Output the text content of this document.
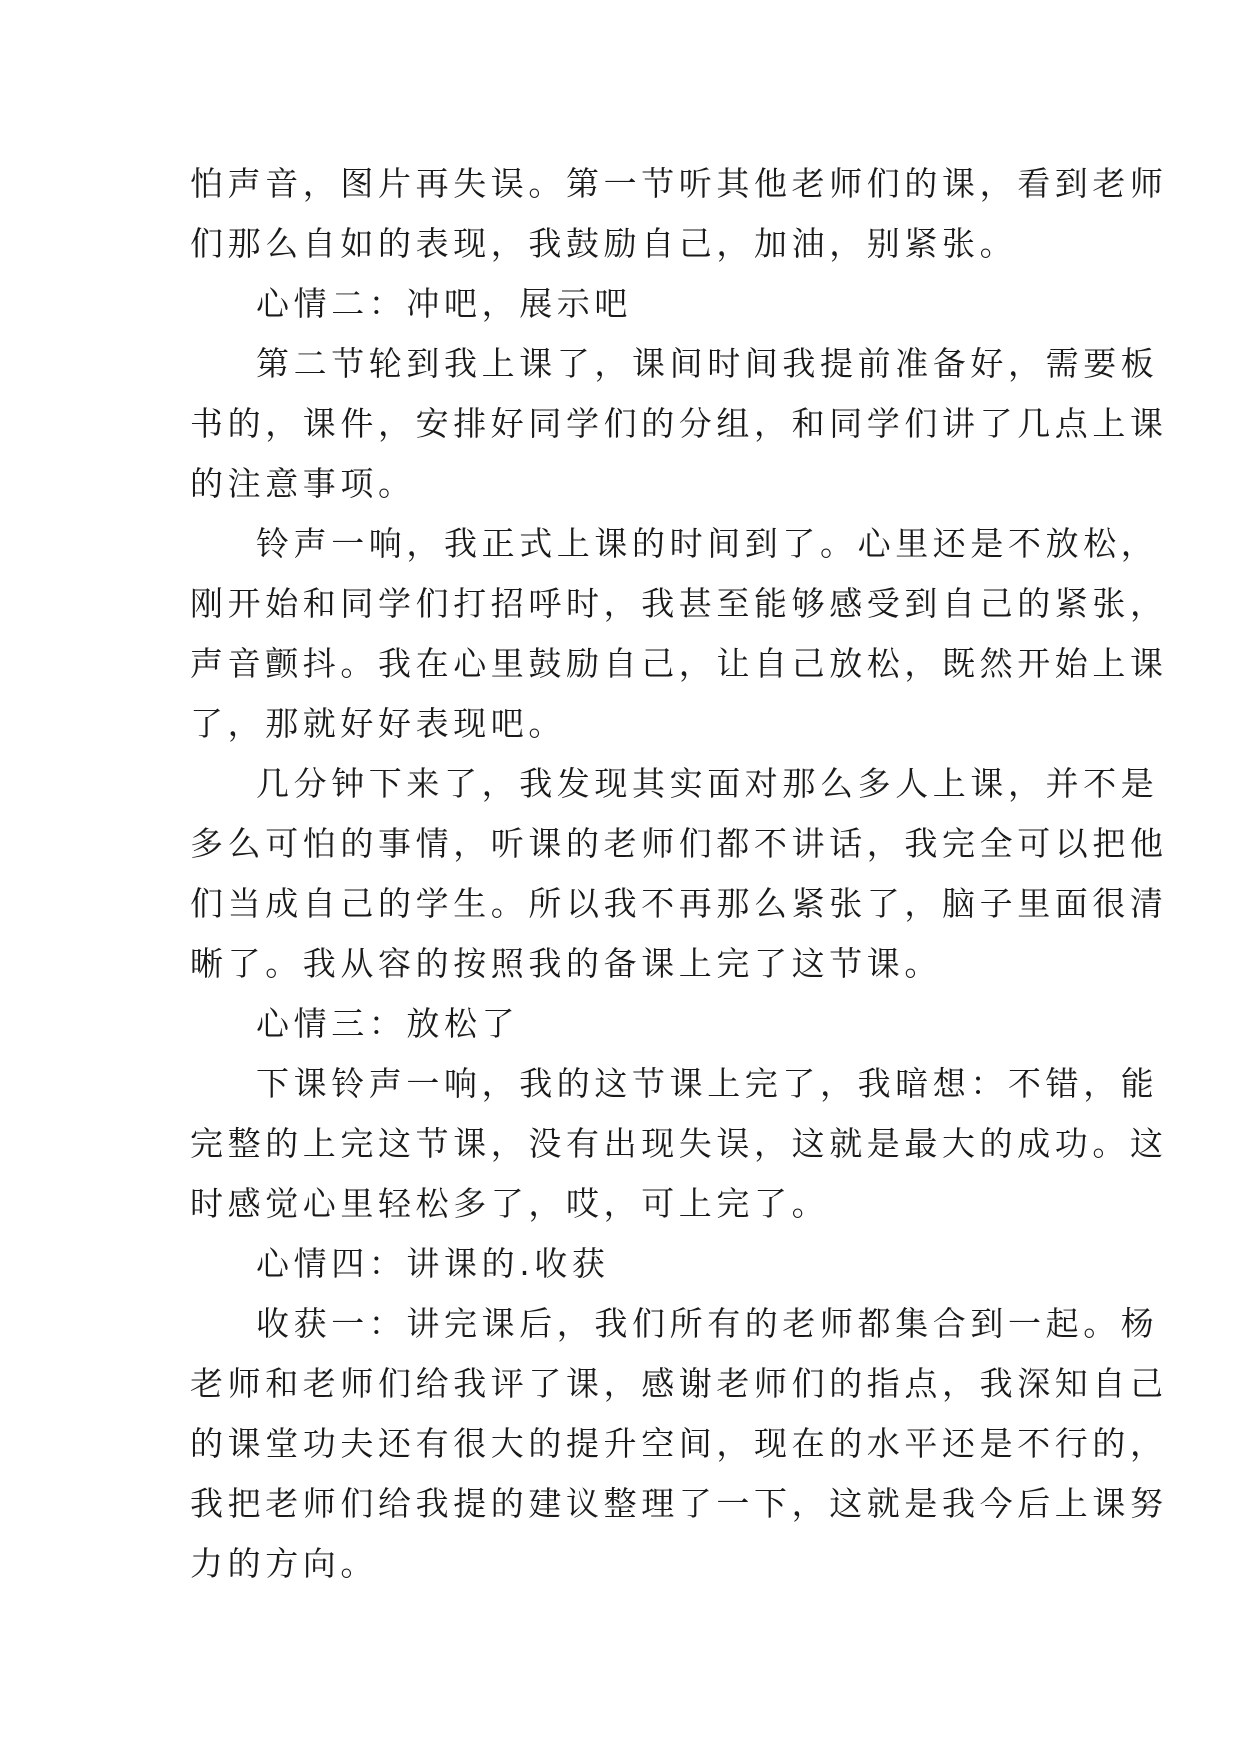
怕声音，图片再失误。第一节听其他老师们的课，看到老师

们那么自如的表现，我鼓励自己，加油，别紧张。

心情二：冲吧，展示吧

第二节轮到我上课了，课间时间我提前准备好，需要板

书的，课件，安排好同学们的分组，和同学们讲了几点上课

的注意事项。

铃声一响，我正式上课的时间到了。心里还是不放松，

刚开始和同学们打招呼时，我甚至能够感受到自己的紧张，

声音颤抖。我在心里鼓励自己，让自己放松，既然开始上课

了，那就好好表现吧。

几分钟下来了，我发现其实面对那么多人上课，并不是

多么可怕的事情，听课的老师们都不讲话，我完全可以把他

们当成自己的学生。所以我不再那么紧张了，脑子里面很清

晰了。我从容的按照我的备课上完了这节课。

心情三：放松了

下课铃声一响，我的这节课上完了，我暗想：不错，能

完整的上完这节课，没有出现失误，这就是最大的成功。这

时感觉心里轻松多了，哎，可上完了。

心情四：讲课的.收获

收获一：讲完课后，我们所有的老师都集合到一起。杨

老师和老师们给我评了课，感谢老师们的指点，我深知自己

的课堂功夫还有很大的提升空间，现在的水平还是不行的，

我把老师们给我提的建议整理了一下，这就是我今后上课努

力的方向。
